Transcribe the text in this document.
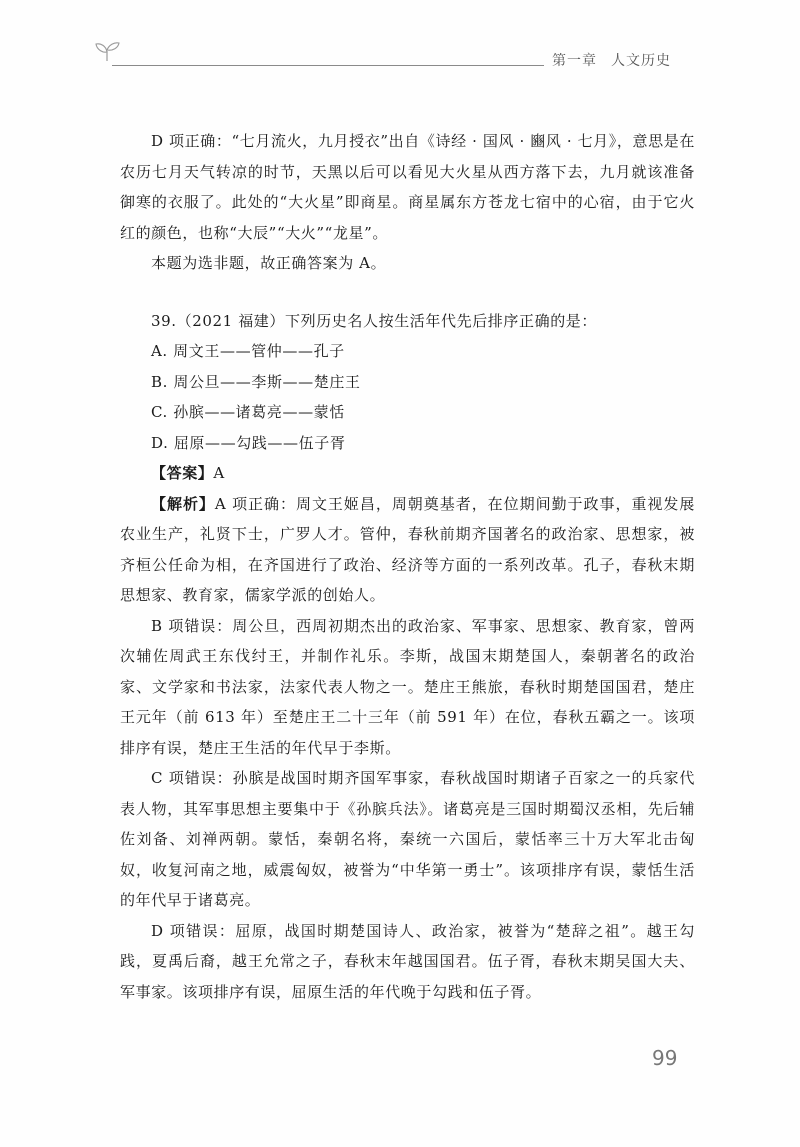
第一章 人文历史

D 项正确：“七月流火，九月授衣”出自《诗经 · 国风 · 豳风 · 七月》，意思是在农历七月天气转凉的时节，天黑以后可以看见大火星从西方落下去，九月就该准备御寒的衣服了。此处的“大火星”即商星。商星属东方苍龙七宿中的心宿，由于它火红的颜色，也称“大辰”“大火”“龙星”。

本题为选非题，故正确答案为 A。

39.（2021 福建）下列历史名人按生活年代先后排序正确的是：

A. 周文王——管仲——孔子

B. 周公旦——李斯——楚庄王

C. 孙膑——诸葛亮——蒙恬

D. 屈原——勾践——伍子胥

【答案】A

【解析】A 项正确：周文王姬昌，周朝奠基者，在位期间勤于政事，重视发展农业生产，礼贤下士，广罗人才。管仲，春秋前期齐国著名的政治家、思想家，被齐桓公任命为相，在齐国进行了政治、经济等方面的一系列改革。孔子，春秋末期思想家、教育家，儒家学派的创始人。

B 项错误：周公旦，西周初期杰出的政治家、军事家、思想家、教育家，曾两次辅佐周武王东伐纣王，并制作礼乐。李斯，战国末期楚国人，秦朝著名的政治家、文学家和书法家，法家代表人物之一。楚庄王熊旅，春秋时期楚国国君，楚庄王元年（前 613 年）至楚庄王二十三年（前 591 年）在位，春秋五霸之一。该项排序有误，楚庄王生活的年代早于李斯。

C 项错误：孙膑是战国时期齐国军事家，春秋战国时期诸子百家之一的兵家代表人物，其军事思想主要集中于《孙膑兵法》。诸葛亮是三国时期蜀汉丞相，先后辅佐刘备、刘禅两朝。蒙恬，秦朝名将，秦统一六国后，蒙恬率三十万大军北击匈奴，收复河南之地，威震匈奴，被誉为“中华第一勇士”。该项排序有误，蒙恬生活的年代早于诸葛亮。

D 项错误：屈原，战国时期楚国诗人、政治家，被誉为“楚辞之祖”。越王勾践，夏禹后裔，越王允常之子，春秋末年越国国君。伍子胥，春秋末期吴国大夫、军事家。该项排序有误，屈原生活的年代晚于勾践和伍子胥。

99
